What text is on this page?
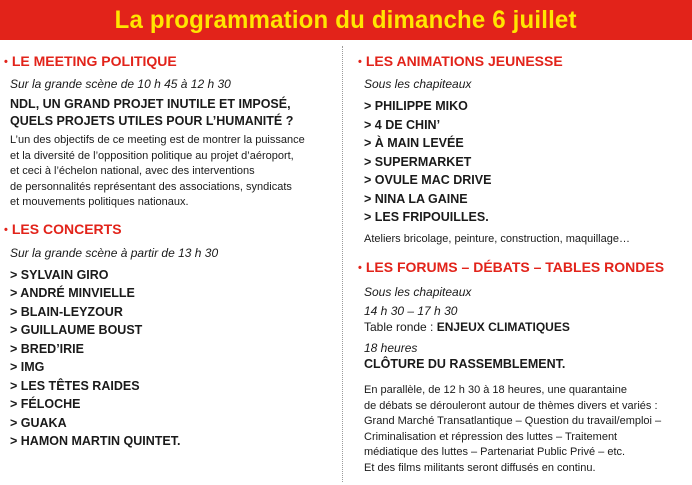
La programmation du dimanche 6 juillet
• LE MEETING POLITIQUE
Sur la grande scène de 10 h 45 à 12 h 30
NDL, UN GRAND PROJET INUTILE ET IMPOSÉ,
QUELS PROJETS UTILES POUR L’HUMANITÉ ?
L’un des objectifs de ce meeting est de montrer la puissance
et la diversité de l’opposition politique au projet d’aéroport,
et ceci à l’échelon national, avec des interventions
de personnalités représentant des associations, syndicats
et mouvements politiques nationaux.
• LES CONCERTS
Sur la grande scène à partir de 13 h 30
> SYLVAIN GIRO
> ANDRÉ MINVIELLE
> BLAIN-LEYZOUR
> GUILLAUME BOUST
> BRED’IRIE
> IMG
> LES TÊTES RAIDES
> FÉLOCHE
> GUAKA
> HAMON MARTIN QUINTET.
• LES ANIMATIONS JEUNESSE
Sous les chapiteaux
> PHILIPPE MIKO
> 4 DE CHIN’
> À MAIN LEVÉE
> SUPERMARKET
> OVULE MAC DRIVE
> NINA LA GAINE
> LES FRIPOUILLES.
Ateliers bricolage, peinture, construction, maquillage…
• LES FORUMS – DÉBATS – TABLES RONDES
Sous les chapiteaux
14 h 30 – 17 h 30
Table ronde : ENJEUX CLIMATIQUES
18 heures
CLÔTURE DU RASSEMBLEMENT.
En parallèle, de 12 h 30 à 18 heures, une quarantaine
de débats se dérouleront autour de thèmes divers et variés :
Grand Marché Transatlantique – Question du travail/emploi –
Criminalisation et répression des luttes – Traitement
médiatique des luttes – Partenariat Public Privé – etc.
Et des films militants seront diffusés en continu.
